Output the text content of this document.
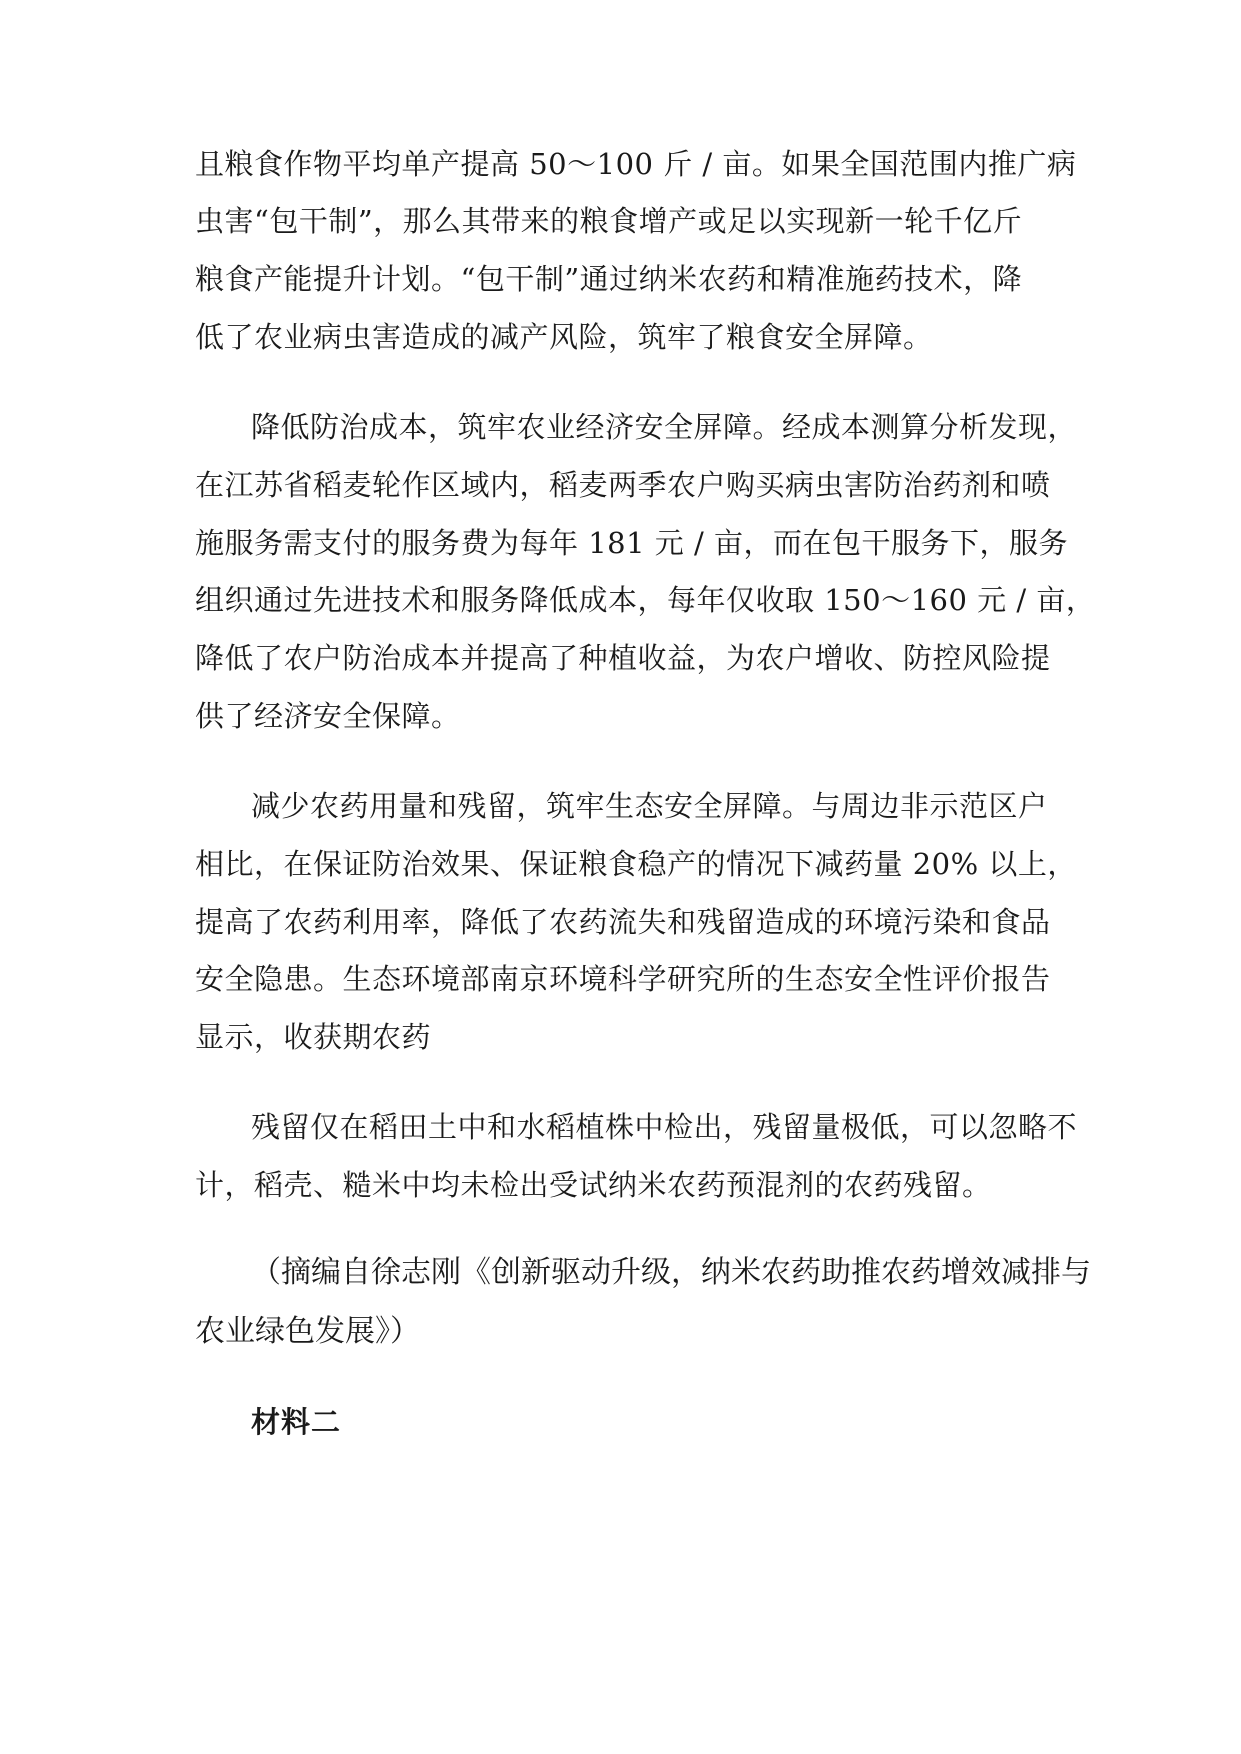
且粮食作物平均单产提高 50～100 斤 / 亩。如果全国范围内推广病
虫害“包干制”，那么其带来的粮食增产或足以实现新一轮千亿斤
粮食产能提升计划。“包干制”通过纳米农药和精准施药技术，降
低了农业病虫害造成的减产风险，筑牢了粮食安全屏障。
降低防治成本，筑牢农业经济安全屏障。经成本测算分析发现，
在江苏省稻麦轮作区域内，稻麦两季农户购买病虫害防治药剂和喷
施服务需支付的服务费为每年 181 元 / 亩，而在包干服务下，服务
组织通过先进技术和服务降低成本，每年仅收取 150～160 元 / 亩，
降低了农户防治成本并提高了种植收益，为农户增收、防控风险提
供了经济安全保障。
减少农药用量和残留，筑牢生态安全屏障。与周边非示范区户
相比，在保证防治效果、保证粮食稳产的情况下减药量 20% 以上，
提高了农药利用率，降低了农药流失和残留造成的环境污染和食品
安全隐患。生态环境部南京环境科学研究所的生态安全性评价报告
显示，收获期农药
残留仅在稻田土中和水稻植株中检出，残留量极低，可以忽略不
计，稻壳、糙米中均未检出受试纳米农药预混剂的农药残留。
（摘编自徐志刚《创新驱动升级，纳米农药助推农药增效减排与
农业绿色发展》）
材料二
